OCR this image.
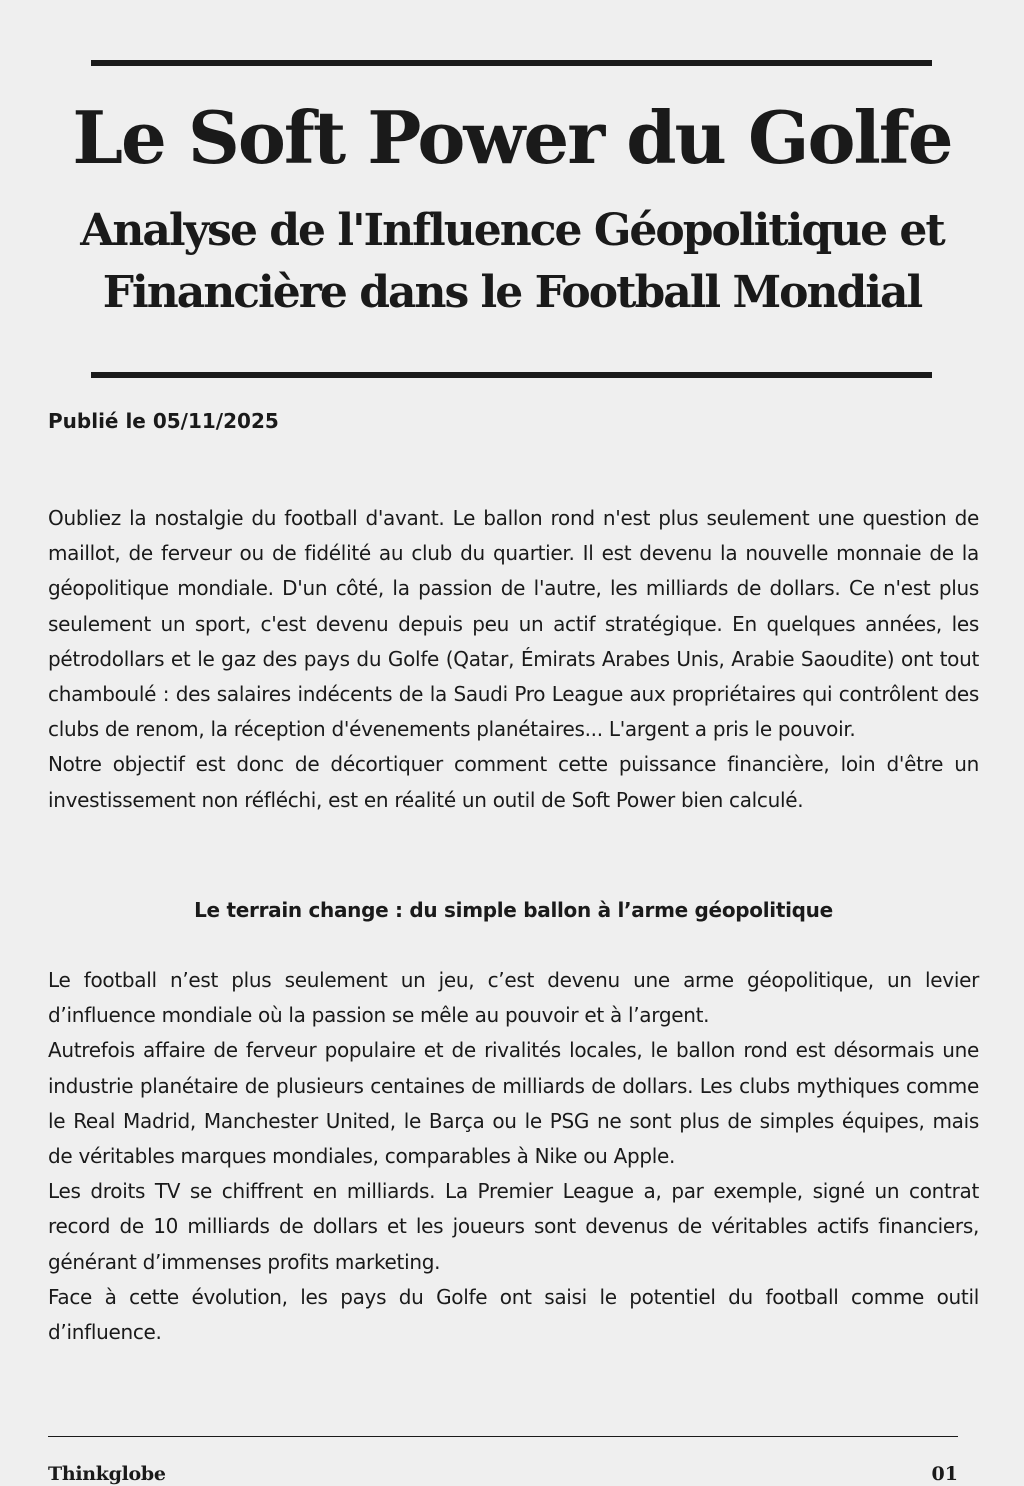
Le Soft Power du Golfe
Analyse de l'Influence Géopolitique et Financière dans le Football Mondial
Publié le 05/11/2025

Oubliez la nostalgie du football d'avant. Le ballon rond n'est plus seulement une question de maillot, de ferveur ou de fidélité au club du quartier. Il est devenu la nouvelle monnaie de la géopolitique mondiale. D'un côté, la passion de l'autre, les milliards de dollars. Ce n'est plus seulement un sport, c'est devenu depuis peu un actif stratégique. En quelques années, les pétrodollars et le gaz des pays du Golfe (Qatar, Émirats Arabes Unis, Arabie Saoudite) ont tout chamboulé : des salaires indécents de la Saudi Pro League aux propriétaires qui contrôlent des clubs de renom, la réception d'évenements planétaires... L'argent a pris le pouvoir.

Notre objectif est donc de décortiquer comment cette puissance financière, loin d'être un investissement non réfléchi, est en réalité un outil de Soft Power bien calculé.

Le terrain change : du simple ballon à l’arme géopolitique

Le football n’est plus seulement un jeu, c’est devenu une arme géopolitique, un levier d’influence mondiale où la passion se mêle au pouvoir et à l’argent.

Autrefois affaire de ferveur populaire et de rivalités locales, le ballon rond est désormais une industrie planétaire de plusieurs centaines de milliards de dollars. Les clubs mythiques comme le Real Madrid, Manchester United, le Barça ou le PSG ne sont plus de simples équipes, mais de véritables marques mondiales, comparables à Nike ou Apple.

Les droits TV se chiffrent en milliards. La Premier League a, par exemple, signé un contrat record de 10 milliards de dollars et les joueurs sont devenus de véritables actifs financiers, générant d’immenses profits marketing.

Face à cette évolution, les pays du Golfe ont saisi le potentiel du football comme outil d’influence.

Thinkglobe	01
